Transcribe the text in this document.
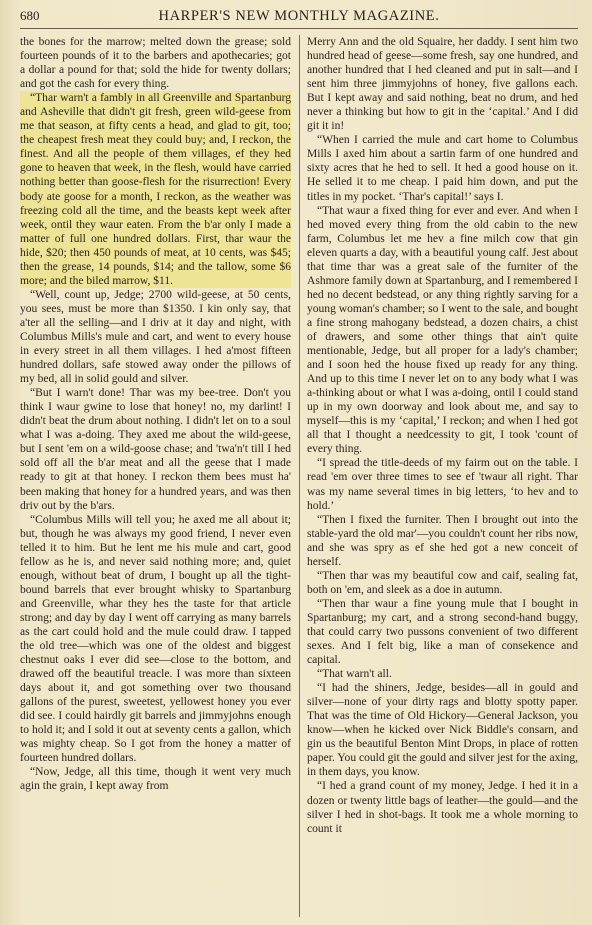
680	HARPER'S NEW MONTHLY MAGAZINE.

the bones for the marrow; melted down the grease; sold fourteen pounds of it to the barbers and apothecaries; got a dollar a pound for that; sold the hide for twenty dollars; and got the cash for every thing.

“Thar warn't a fambly in all Greenville and Spartanburg and Asheville that didn't git fresh, green wild-geese from me that season, at fifty cents a head, and glad to git, too; the cheapest fresh meat they could buy; and, I reckon, the finest. And all the people of them villages, ef they hed gone to heaven that week, in the flesh, would have carried nothing better than goose-flesh for the risurrection! Every body ate goose for a month, I reckon, as the weather was freezing cold all the time, and the beasts kept week after week, ontil they waur eaten. From the b'ar only I made a matter of full one hundred dollars. First, thar waur the hide, $20; then 450 pounds of meat, at 10 cents, was $45; then the grease, 14 pounds, $14; and the tallow, some $6 more; and the biled marrow, $11.

“Well, count up, Jedge; 2700 wild-geese, at 50 cents, you sees, must be more than $1350. I kin only say, that a'ter all the selling—and I driv at it day and night, with Columbus Mills's mule and cart, and went to every house in every street in all them villages. I hed a'most fifteen hundred dollars, safe stowed away onder the pillows of my bed, all in solid gould and silver.

“But I warn't done! Thar was my bee-tree. Don't you think I waur gwine to lose that honey! no, my darlint! I didn't beat the drum about nothing. I didn't let on to a soul what I was a-doing. They axed me about the wild-geese, but I sent 'em on a wild-goose chase; and 'twa'n't till I hed sold off all the b'ar meat and all the geese that I made ready to git at that honey. I reckon them bees must ha' been making that honey for a hundred years, and was then driv out by the b'ars.

“Columbus Mills will tell you; he axed me all about it; but, though he was always my good friend, I never even telled it to him. But he lent me his mule and cart, good fellow as he is, and never said nothing more; and, quiet enough, without beat of drum, I bought up all the tight-bound barrels that ever brought whisky to Spartanburg and Greenville, whar they hes the taste for that article strong; and day by day I went off carrying as many barrels as the cart could hold and the mule could draw. I tapped the old tree—which was one of the oldest and biggest chestnut oaks I ever did see—close to the bottom, and drawed off the beautiful treacle. I was more than sixteen days about it, and got something over two thousand gallons of the purest, sweetest, yellowest honey you ever did see. I could hairdly git barrels and jimmyjohns enough to hold it; and I sold it out at seventy cents a gallon, which was mighty cheap. So I got from the honey a matter of fourteen hundred dollars.

“Now, Jedge, all this time, though it went very much agin the grain, I kept away from

Merry Ann and the old Squaire, her daddy. I sent him two hundred head of geese—some fresh, say one hundred, and another hundred that I hed cleaned and put in salt—and I sent him three jimmyjohns of honey, five gallons each. But I kept away and said nothing, beat no drum, and hed never a thinking but how to git in the ‘capital.’ And I did git it in!

“When I carried the mule and cart home to Columbus Mills I axed him about a sartin farm of one hundred and sixty acres that he hed to sell. It hed a good house on it. He selled it to me cheap. I paid him down, and put the titles in my pocket. ‘Thar's capital!’ says I.

“That waur a fixed thing for ever and ever. And when I hed moved every thing from the old cabin to the new farm, Columbus let me hev a fine milch cow that gin eleven quarts a day, with a beautiful young calf. Jest about that time thar was a great sale of the furniter of the Ashmore family down at Spartanburg, and I remembered I hed no decent bedstead, or any thing rightly sarving for a young woman's chamber; so I went to the sale, and bought a fine strong mahogany bedstead, a dozen chairs, a chist of drawers, and some other things that ain't quite mentionable, Jedge, but all proper for a lady's chamber; and I soon hed the house fixed up ready for any thing. And up to this time I never let on to any body what I was a-thinking about or what I was a-doing, ontil I could stand up in my own doorway and look about me, and say to myself—this is my ‘capital,’ I reckon; and when I hed got all that I thought a needcessity to git, I took 'count of every thing.

“I spread the title-deeds of my fairm out on the table. I read 'em over three times to see ef 'twaur all right. Thar was my name several times in big letters, ‘to hev and to hold.’

“Then I fixed the furniter. Then I brought out into the stable-yard the old mar'—you couldn't count her ribs now, and she was spry as ef she hed got a new conceit of herself.

“Then thar was my beautiful cow and caif, sealing fat, both on 'em, and sleek as a doe in autumn.

“Then thar waur a fine young mule that I bought in Spartanburg; my cart, and a strong second-hand buggy, that could carry two pussons convenient of two different sexes. And I felt big, like a man of consekence and capital.

“That warn't all.

“I had the shiners, Jedge, besides—all in gould and silver—none of your dirty rags and blotty spotty paper. That was the time of Old Hickory—General Jackson, you know—when he kicked over Nick Biddle's consarn, and gin us the beautiful Benton Mint Drops, in place of rotten paper. You could git the gould and silver jest for the axing, in them days, you know.

“I hed a grand count of my money, Jedge. I hed it in a dozen or twenty little bags of leather—the gould—and the silver I hed in shot-bags. It took me a whole morning to count it
